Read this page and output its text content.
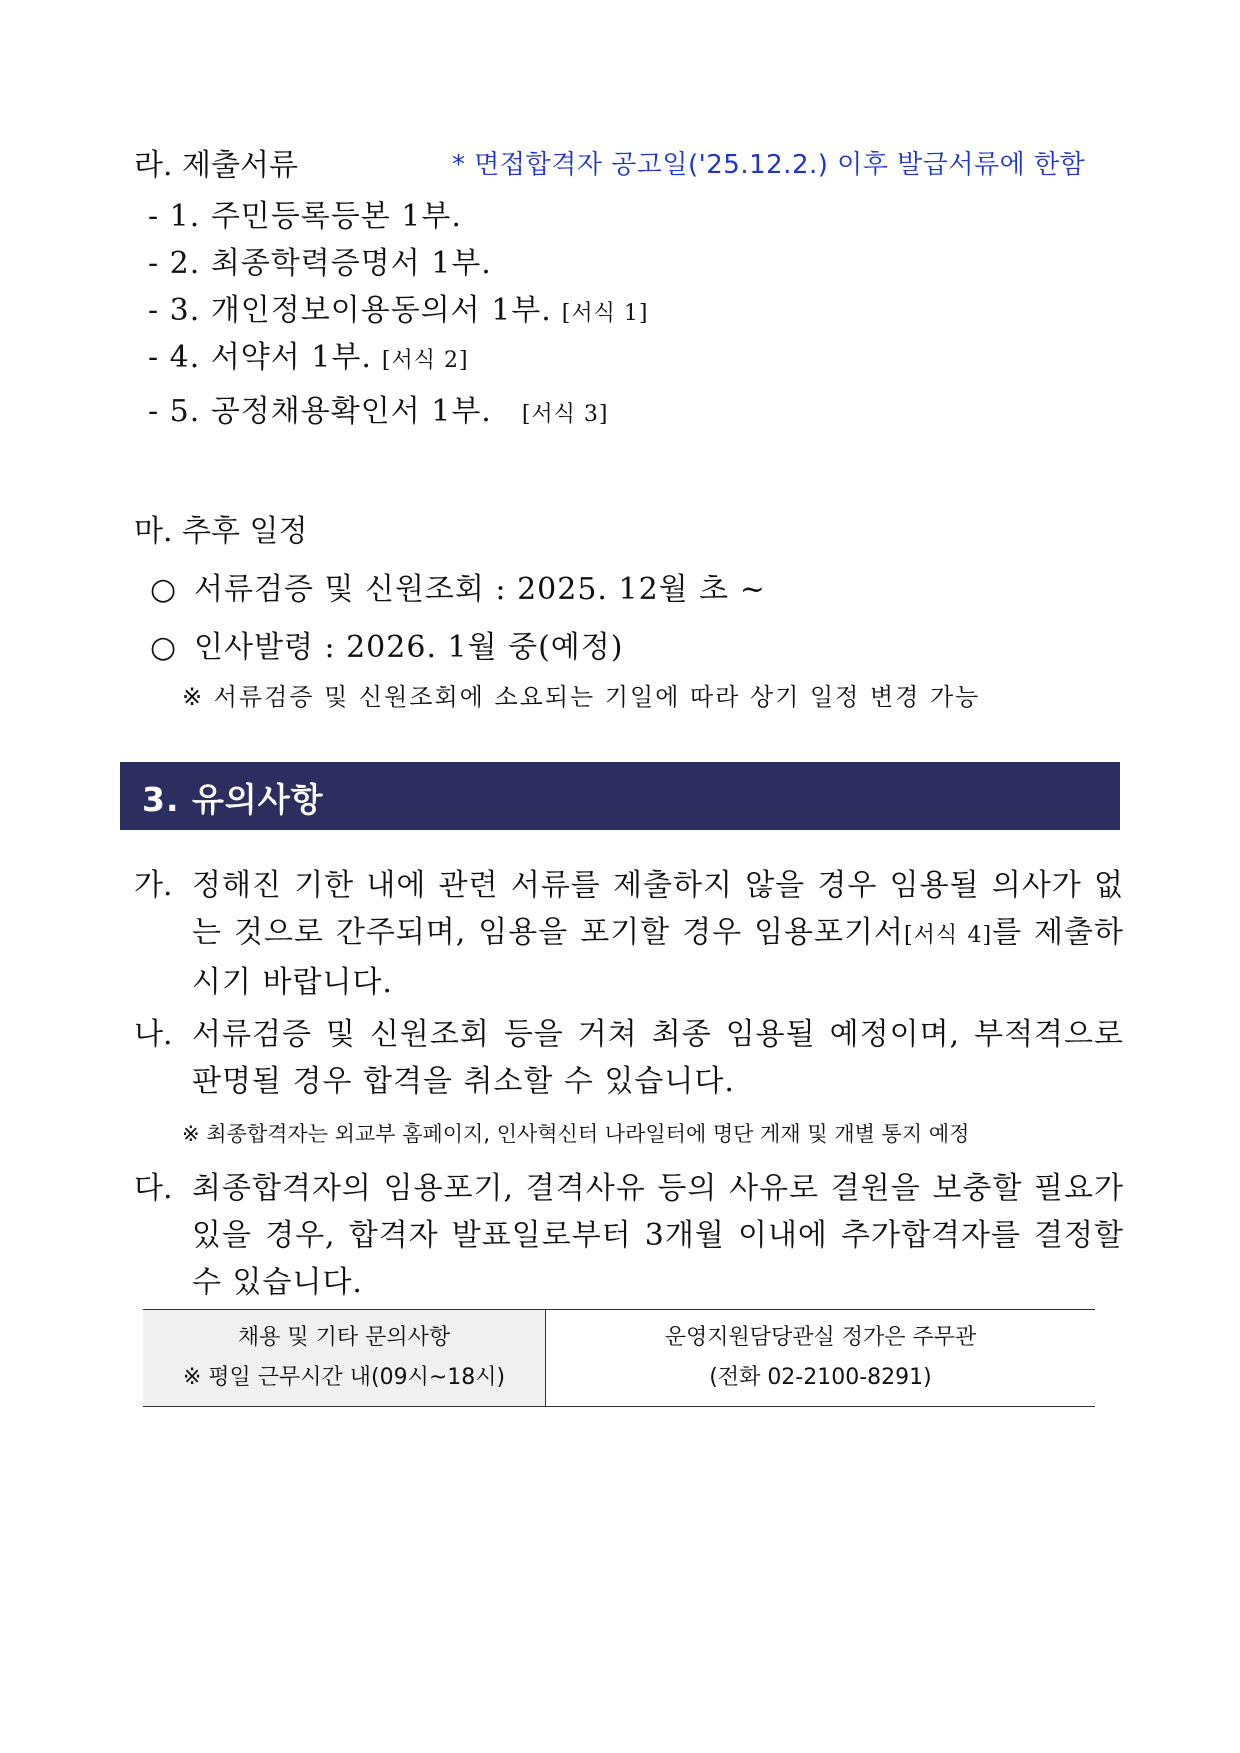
라. 제출서류	* 면접합격자 공고일('25.12.2.) 이후 발급서류에 한함
- 1. 주민등록등본 1부.
- 2. 최종학력증명서 1부.
- 3. 개인정보이용동의서 1부. [서식 1]
- 4. 서약서 1부. [서식 2]
- 5. 공정채용확인서 1부. [서식 3]
마. 추후 일정
○ 서류검증 및 신원조회 : 2025. 12월 초 ~
○ 인사발령 : 2026. 1월 중(예정)
※ 서류검증 및 신원조회에 소요되는 기일에 따라 상기 일정 변경 가능
3. 유의사항
가. 정해진 기한 내에 관련 서류를 제출하지 않을 경우 임용될 의사가 없는 것으로 간주되며, 임용을 포기할 경우 임용포기서[서식 4]를 제출하시기 바랍니다.
나. 서류검증 및 신원조회 등을 거쳐 최종 임용될 예정이며, 부적격으로 판명될 경우 합격을 취소할 수 있습니다.
※ 최종합격자는 외교부 홈페이지, 인사혁신터 나라일터에 명단 게재 및 개별 통지 예정
다. 최종합격자의 임용포기, 결격사유 등의 사유로 결원을 보충할 필요가 있을 경우, 합격자 발표일로부터 3개월 이내에 추가합격자를 결정할 수 있습니다.
채용 및 기타 문의사항
※ 평일 근무시간 내(09시~18시)

운영지원담당관실 정가은 주무관
(전화 02-2100-8291)
